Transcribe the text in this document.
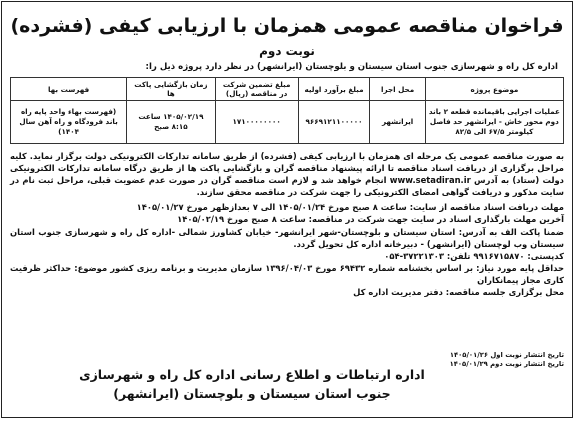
فراخوان مناقصه عمومی همزمان با ارزیابی کیفی (فشرده)
نوبت دوم
اداره کل راه و شهرسازی جنوب استان سیستان و بلوچستان (ایرانشهر) در نظر دارد پروژه ذیل را:
موضوع پروژه	محل اجرا	مبلغ برآورد اولیه	مبلغ تضمین شرکت در مناقصه (ریال)	زمان بازگشایی پاکت ها	فهرست بها
عملیات اجرایی باقیمانده قطعه ۲ باند دوم محور خاش - ایرانشهر حد فاصل کیلومتر ۶۷/۵ الی ۸۲/۵	ایرانشهر	۹۶۶۹۱۲۱۱۰۰۰۰۰	۱۷۱۰۰۰۰۰۰۰۰	۱۴۰۵/۰۲/۱۹ ساعت ۸:۱۵ صبح	(فهرست بهاء واحد پایه راه باند فرودگاه و راه آهن سال ۱۴۰۴)

به صورت مناقصه عمومی یک مرحله ای همزمان با ارزیابی کیفی (فشرده) از طریق سامانه تدارکات الکترونیکی دولت برگزار نماید. کلیه مراحل برگزاری از دریافت اسناد مناقصه تا ارائه پیشنهاد مناقصه گران و بازگشایی پاکت ها از طریق درگاه سامانه تدارکات الکترونیکی دولت (ستاد) به آدرس www.setadiran.ir انجام خواهد شد و لازم است مناقصه گران در صورت عدم عضویت قبلی، مراحل ثبت نام در سایت مذکور و دریافت گواهی امضای الکترونیکی را جهت شرکت در مناقصه محقق سازند.

مهلت دریافت اسناد مناقصه از سایت: ساعت ۸ صبح مورخ ۱۴۰۵/۰۱/۲۴ الی ۷ بعدازظهر مورخ ۱۴۰۵/۰۱/۲۷

آخرین مهلت بارگذاری اسناد در سایت جهت شرکت در مناقصه: ساعت ۸ صبح مورخ ۱۴۰۵/۰۲/۱۹

ضمنا پاکت الف به آدرس: استان سیستان و بلوچستان-شهر ایرانشهر- خیابان کشاورز شمالی -اداره کل راه و شهرسازی جنوب استان سیستان وب لوچستان (ایرانشهر) - دبیرخانه اداره کل تحویل گردد.

کدپستی: ۹۹۱۶۷۱۵۸۷۰ تلفن: ۳۷۲۲۱۳۰۳-۰۵۴

حداقل پایه مورد نیاز: بر اساس بخشنامه شماره ۶۹۴۳۲ مورخ ۱۳۹۶/۰۴/۰۳ سازمان مدیریت و برنامه ریزی کشور موضوع: حداکثر ظرفیت کاری مجاز پیمانکاران

محل برگزاری جلسه مناقصه: دفتر مدیریت اداره کل

تاریخ انتشار نوبت اول ۱۴۰۵/۰۱/۲۶
تاریخ انتشار نوبت دوم ۱۴۰۵/۰۱/۲۹
اداره ارتباطات و اطلاع رسانی اداره کل راه و شهرسازی
جنوب استان سیستان و بلوچستان (ایرانشهر)
